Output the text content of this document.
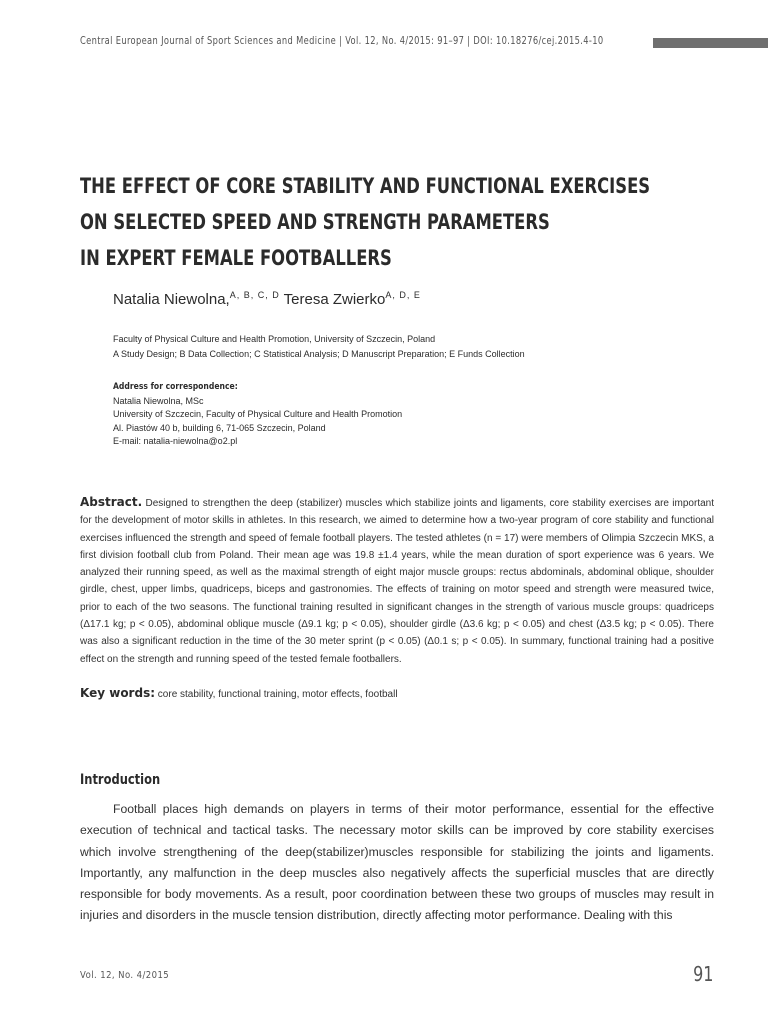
Central European Journal of Sport Sciences and Medicine | Vol. 12, No. 4/2015: 91–97 | DOI: 10.18276/cej.2015.4-10
THE EFFECT OF CORE STABILITY AND FUNCTIONAL EXERCISES
ON SELECTED SPEED AND STRENGTH PARAMETERS
IN EXPERT FEMALE FOOTBALLERS
Natalia Niewolna,$^{A, B, C, D}$ Teresa Zwierko$^{A, D, E}$
Faculty of Physical Culture and Health Promotion, University of Szczecin, Poland
A Study Design; B Data Collection; C Statistical Analysis; D Manuscript Preparation; E Funds Collection
Address for correspondence:
Natalia Niewolna, MSc
University of Szczecin, Faculty of Physical Culture and Health Promotion
Al. Piastów 40 b, building 6, 71-065 Szczecin, Poland
E-mail: natalia-niewolna@o2.pl
Abstract. Designed to strengthen the deep (stabilizer) muscles which stabilize joints and ligaments, core stability exercises are important for the development of motor skills in athletes. In this research, we aimed to determine how a two-year program of core stability and functional exercises influenced the strength and speed of female football players. The tested athletes (n = 17) were members of Olimpia Szczecin MKS, a first division football club from Poland. Their mean age was 19.8 ±1.4 years, while the mean duration of sport experience was 6 years. We analyzed their running speed, as well as the maximal strength of eight major muscle groups: rectus abdominals, abdominal oblique, shoulder girdle, chest, upper limbs, quadriceps, biceps and gastronomies. The effects of training on motor speed and strength were measured twice, prior to each of the two seasons. The functional training resulted in significant changes in the strength of various muscle groups: quadriceps (Δ17.1 kg; p < 0.05), abdominal oblique muscle (Δ9.1 kg; p < 0.05), shoulder girdle (Δ3.6 kg; p < 0.05) and chest (Δ3.5 kg; p < 0.05). There was also a significant reduction in the time of the 30 meter sprint (p < 0.05) (Δ0.1 s; p < 0.05). In summary, functional training had a positive effect on the strength and running speed of the tested female footballers.
Key words: core stability, functional training, motor effects, football
Introduction
Football places high demands on players in terms of their motor performance, essential for the effective execution of technical and tactical tasks. The necessary motor skills can be improved by core stability exercises which involve strengthening of the deep(stabilizer)muscles responsible for stabilizing the joints and ligaments. Importantly, any malfunction in the deep muscles also negatively affects the superficial muscles that are directly responsible for body movements. As a result, poor coordination between these two groups of muscles may result in injuries and disorders in the muscle tension distribution, directly affecting motor performance. Dealing with this
Vol. 12, No. 4/2015	91
